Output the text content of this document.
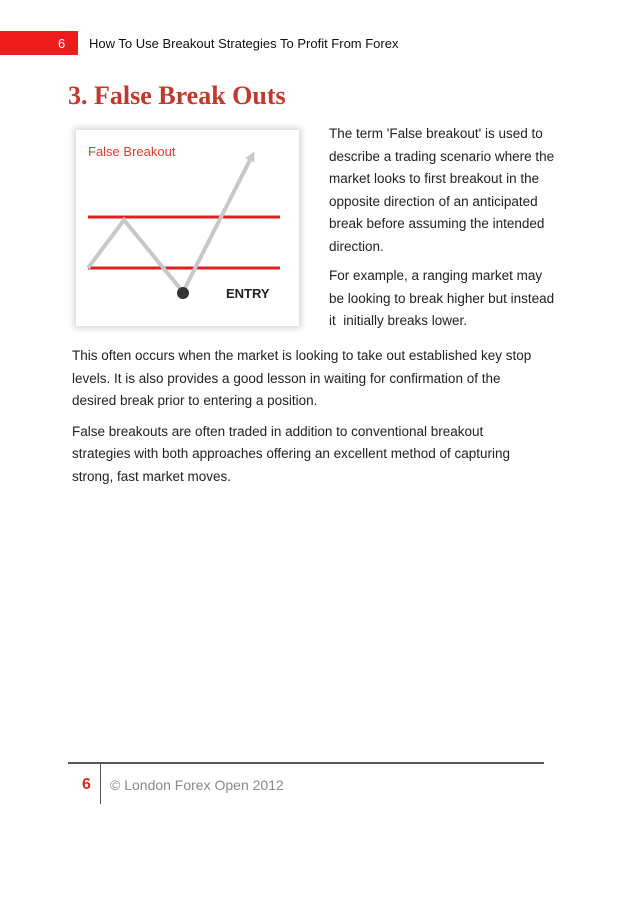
6 How To Use Breakout Strategies To Profit From Forex
3. False Break Outs
False Breakout
ENTRY

The term 'False breakout' is used to
describe a trading scenario where the
market looks to first breakout in the
opposite direction of an anticipated
break before assuming the intended
direction.

For example, a ranging market may
be looking to break higher but instead
it  initially breaks lower.

This often occurs when the market is looking to take out established key stop
levels. It is also provides a good lesson in waiting for confirmation of the
desired break prior to entering a position.

False breakouts are often traded in addition to conventional breakout
strategies with both approaches offering an excellent method of capturing
strong, fast market moves.

6 © London Forex Open 2012
